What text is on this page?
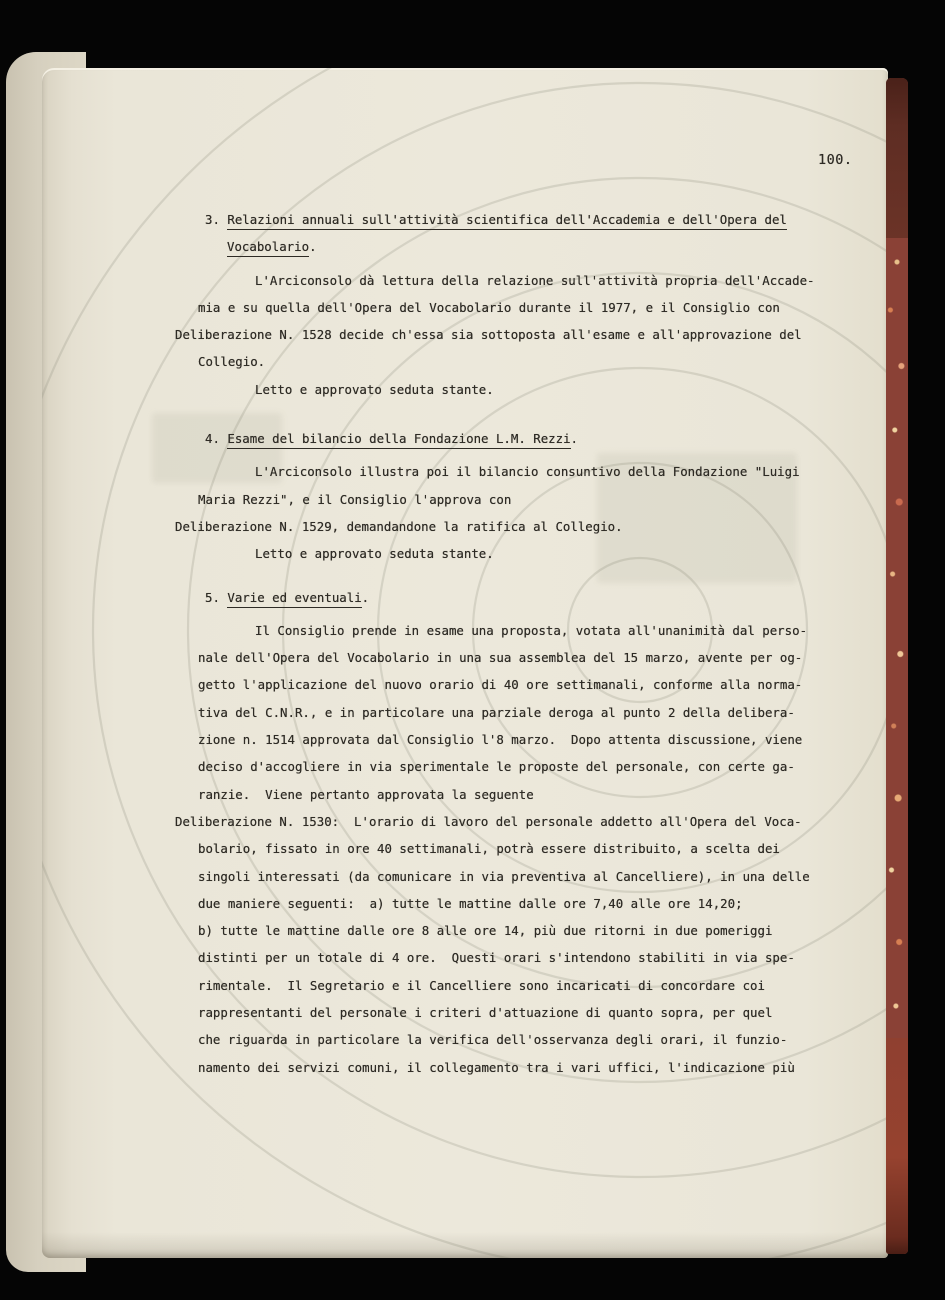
100.
3. Relazioni annuali sull'attività scientifica dell'Accademia e dell'Opera del
Vocabolario.
L'Arciconsolo dà lettura della relazione sull'attività propria dell'Accade-
mia e su quella dell'Opera del Vocabolario durante il 1977, e il Consiglio con
Deliberazione N. 1528 decide ch'essa sia sottoposta all'esame e all'approvazione del
Collegio.
Letto e approvato seduta stante.
4. Esame del bilancio della Fondazione L.M. Rezzi.
L'Arciconsolo illustra poi il bilancio consuntivo della Fondazione "Luigi
Maria Rezzi", e il Consiglio l'approva con
Deliberazione N. 1529, demandandone la ratifica al Collegio.
Letto e approvato seduta stante.
5. Varie ed eventuali.
Il Consiglio prende in esame una proposta, votata all'unanimità dal perso-
nale dell'Opera del Vocabolario in una sua assemblea del 15 marzo, avente per og-
getto l'applicazione del nuovo orario di 40 ore settimanali, conforme alla norma-
tiva del C.N.R., e in particolare una parziale deroga al punto 2 della delibera-
zione n. 1514 approvata dal Consiglio l'8 marzo.  Dopo attenta discussione, viene
deciso d'accogliere in via sperimentale le proposte del personale, con certe ga-
ranzie.  Viene pertanto approvata la seguente
Deliberazione N. 1530:  L'orario di lavoro del personale addetto all'Opera del Voca-
bolario, fissato in ore 40 settimanali, potrà essere distribuito, a scelta dei
singoli interessati (da comunicare in via preventiva al Cancelliere), in una delle
due maniere seguenti:  a) tutte le mattine dalle ore 7,40 alle ore 14,20;
b) tutte le mattine dalle ore 8 alle ore 14, più due ritorni in due pomeriggi
distinti per un totale di 4 ore.  Questi orari s'intendono stabiliti in via spe-
rimentale.  Il Segretario e il Cancelliere sono incaricati di concordare coi
rappresentanti del personale i criteri d'attuazione di quanto sopra, per quel
che riguarda in particolare la verifica dell'osservanza degli orari, il funzio-
namento dei servizi comuni, il collegamento tra i vari uffici, l'indicazione più
